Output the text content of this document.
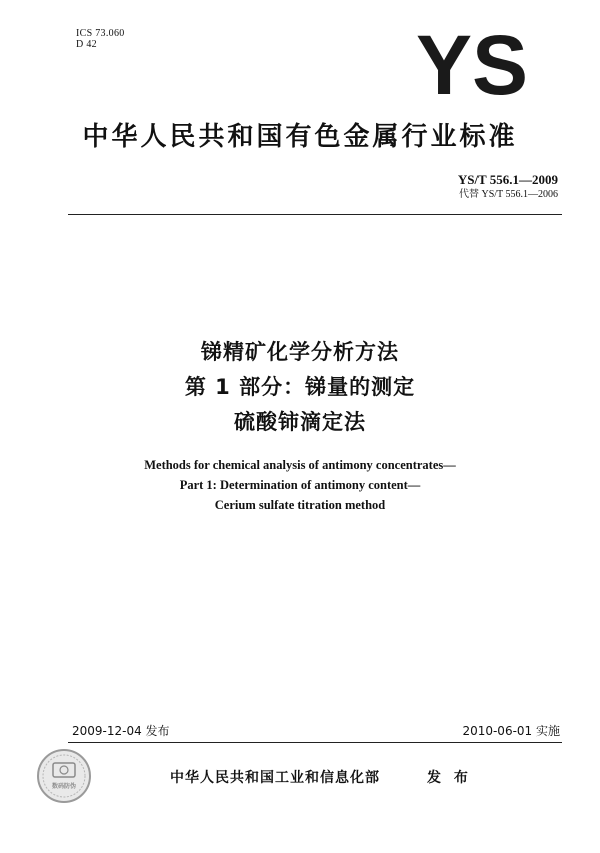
ICS 73.060
D 42	YS
中华人民共和国有色金属行业标准
YS/T 556.1—2009
代替 YS/T 556.1—2006
锑精矿化学分析方法
第 1 部分：锑量的测定
硫酸铈滴定法
Methods for chemical analysis of antimony concentrates—
Part 1: Determination of antimony content—
Cerium sulfate titration method
2009-12-04 发布	2010-06-01 实施
数码防伪
中华人民共和国工业和信息化部	发 布
